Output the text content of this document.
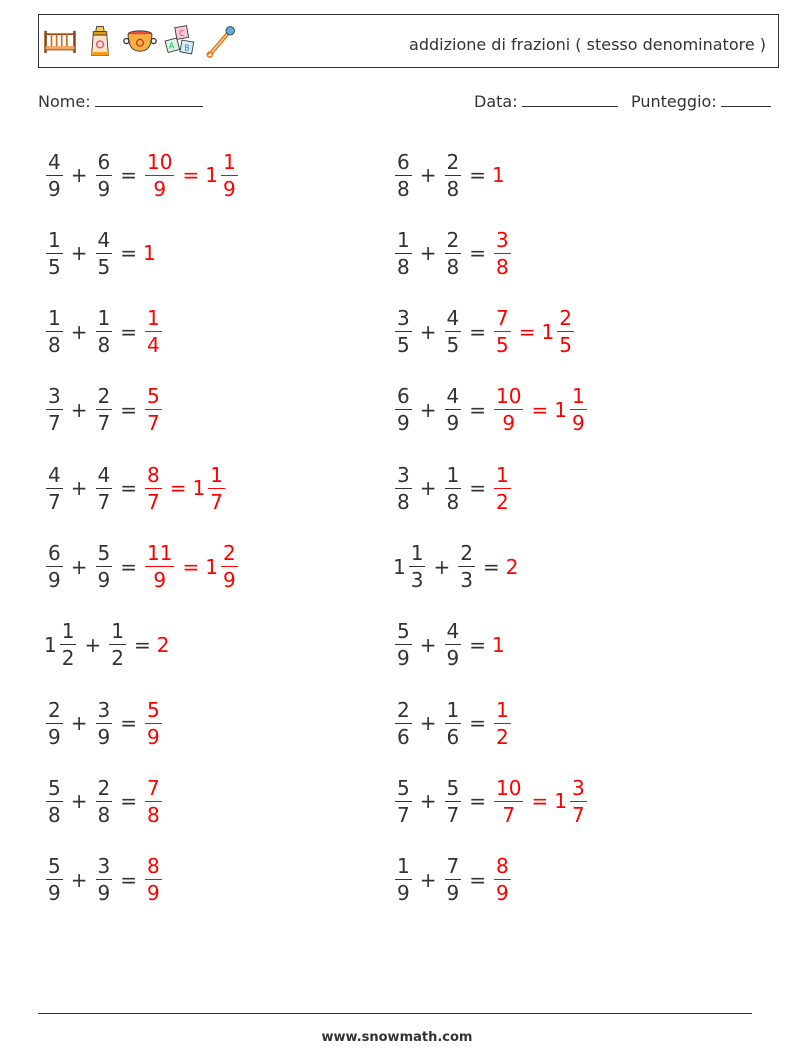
C
A B	addizione di frazioni ( stesso denominatore )
Nome:	Data:	Punteggio:
$\frac{4}{9} + \frac{6}{9} = \frac{10}{9} = 1 \frac{1}{9}$	$\frac{6}{8} + \frac{2}{8} = 1$
$\frac{1}{5} + \frac{4}{5} = 1$	$\frac{1}{8} + \frac{2}{8} = \frac{3}{8}$
$\frac{1}{8} + \frac{1}{8} = \frac{1}{4}$	$\frac{3}{5} + \frac{4}{5} = \frac{7}{5} = 1 \frac{2}{5}$
$\frac{3}{7} + \frac{2}{7} = \frac{5}{7}$	$\frac{6}{9} + \frac{4}{9} = \frac{10}{9} = 1 \frac{1}{9}$
$\frac{4}{7} + \frac{4}{7} = \frac{8}{7} = 1 \frac{1}{7}$	$\frac{3}{8} + \frac{1}{8} = \frac{1}{2}$
$\frac{6}{9} + \frac{5}{9} = \frac{11}{9} = 1 \frac{2}{9}$	$1 \frac{1}{3} + \frac{2}{3} = 2$
$1 \frac{1}{2} + \frac{1}{2} = 2$	$\frac{5}{9} + \frac{4}{9} = 1$
$\frac{2}{9} + \frac{3}{9} = \frac{5}{9}$	$\frac{2}{6} + \frac{1}{6} = \frac{1}{2}$
$\frac{5}{8} + \frac{2}{8} = \frac{7}{8}$	$\frac{5}{7} + \frac{5}{7} = \frac{10}{7} = 1 \frac{3}{7}$
$\frac{5}{9} + \frac{3}{9} = \frac{8}{9}$	$\frac{1}{9} + \frac{7}{9} = \frac{8}{9}$
www.snowmath.com
